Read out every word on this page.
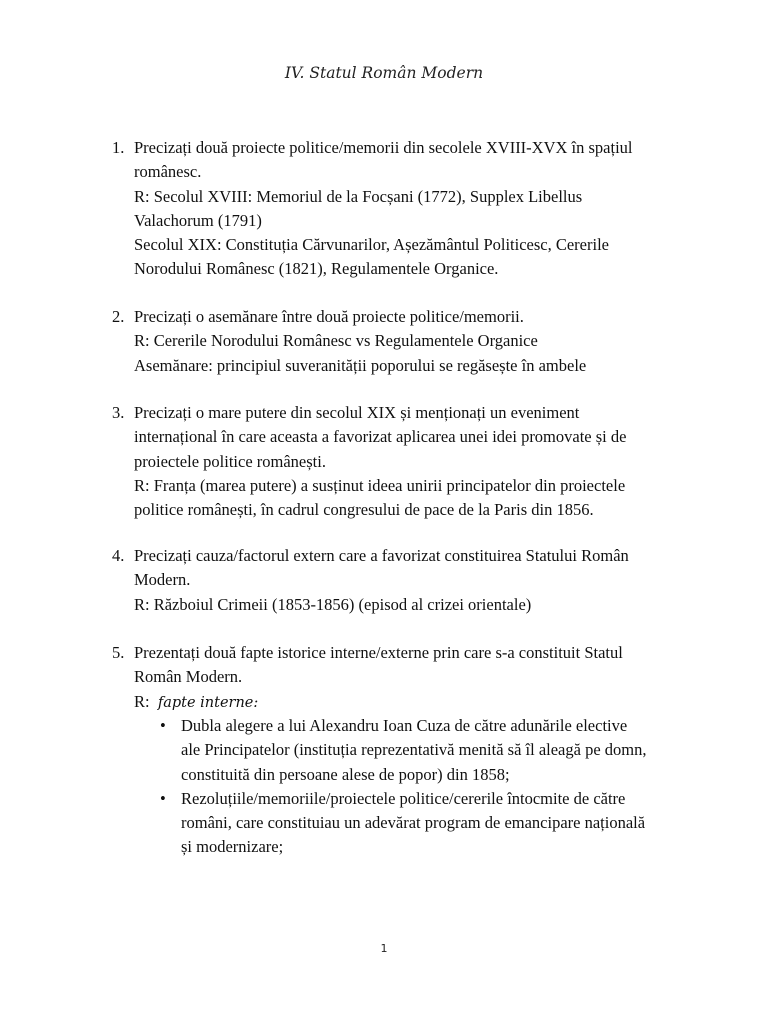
IV. Statul Român Modern
1. Precizați două proiecte politice/memorii din secolele XVIII-XVX în spațiul
românesc.
R: Secolul XVIII: Memoriul de la Focșani (1772), Supplex Libellus
Valachorum (1791)
Secolul XIX: Constituția Cărvunarilor, Așezământul Politicesc, Cererile
Norodului Românesc (1821), Regulamentele Organice.
2. Precizați o asemănare între două proiecte politice/memorii.
R: Cererile Norodului Românesc vs Regulamentele Organice
Asemănare: principiul suveranității poporului se regăsește în ambele
3. Precizați o mare putere din secolul XIX și menționați un eveniment
internațional în care aceasta a favorizat aplicarea unei idei promovate și de
proiectele politice românești.
R: Franța (marea putere) a susținut ideea unirii principatelor din proiectele
politice românești, în cadrul congresului de pace de la Paris din 1856.
4. Precizați cauza/factorul extern care a favorizat constituirea Statului Român
Modern.
R: Războiul Crimeii (1853-1856) (episod al crizei orientale)
5. Prezentați două fapte istorice interne/externe prin care s-a constituit Statul
Român Modern.
R: fapte interne:
• Dubla alegere a lui Alexandru Ioan Cuza de către adunările elective
ale Principatelor (instituția reprezentativă menită să îl aleagă pe domn,
constituită din persoane alese de popor) din 1858;
• Rezoluțiile/memoriile/proiectele politice/cererile întocmite de către
români, care constituiau un adevărat program de emancipare națională
și modernizare;
1
